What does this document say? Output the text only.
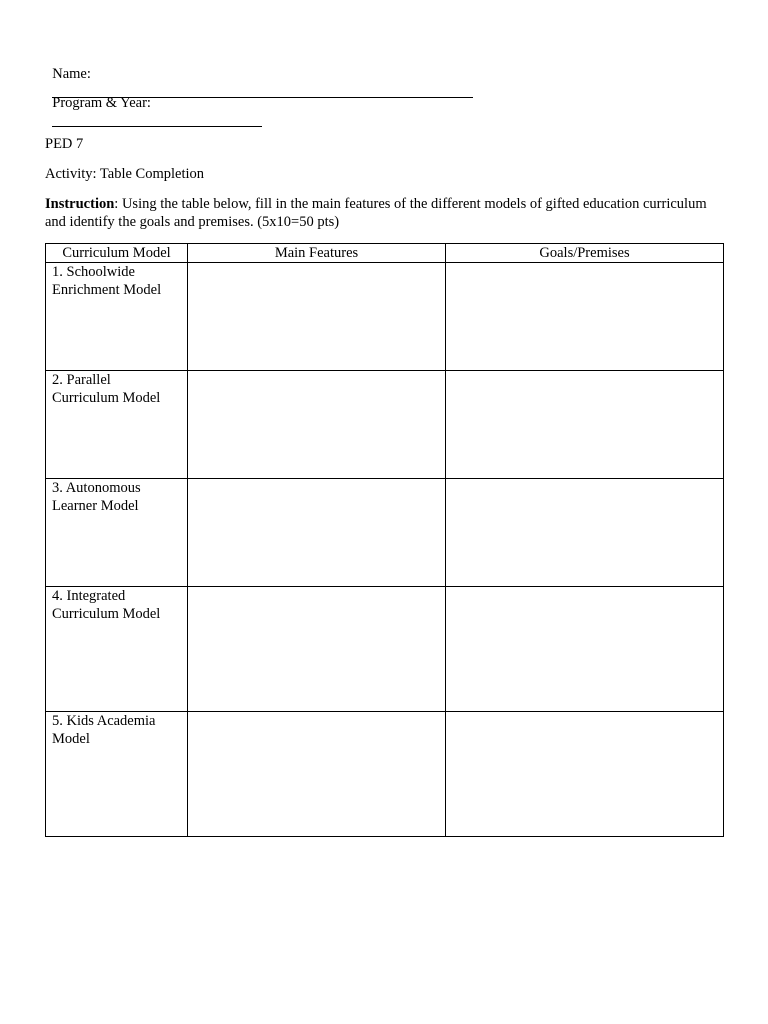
Name:

Program & Year:

PED 7
Activity: Table Completion
Instruction: Using the table below, fill in the main features of the different models of gifted education curriculum and identify the goals and premises. (5x10=50 pts)
Curriculum Model	Main Features	Goals/Premises

1. Schoolwide
Enrichment Model		

2. Parallel
Curriculum Model		

3. Autonomous
Learner Model		

4. Integrated
Curriculum Model		

5. Kids Academia
Model		
